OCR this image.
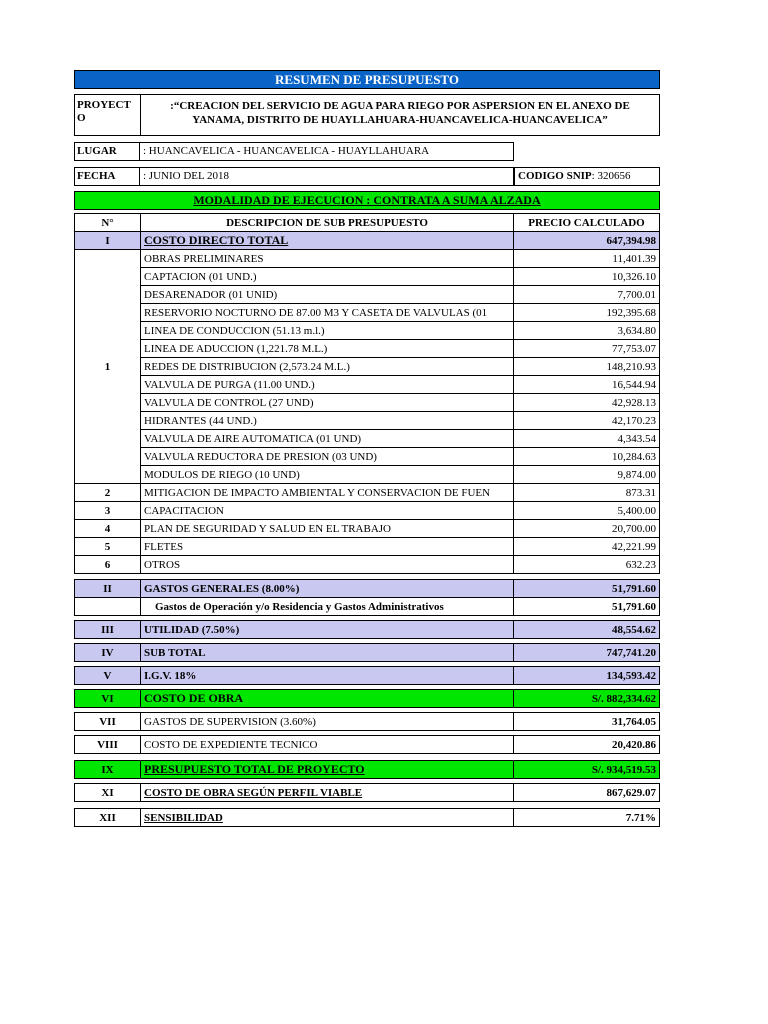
RESUMEN DE PRESUPUESTO
PROYECT O
:“CREACION DEL SERVICIO DE AGUA PARA RIEGO POR ASPERSION EN EL ANEXO DE YANAMA, DISTRITO DE HUAYLLAHUARA-HUANCAVELICA-HUANCAVELICA”
LUGAR	: HUANCAVELICA - HUANCAVELICA - HUAYLLAHUARA
FECHA	: JUNIO DEL 2018	CODIGO SNIP: 320656
MODALIDAD DE EJECUCION : CONTRATA A SUMA ALZADA
N°	DESCRIPCION DE SUB PRESUPUESTO	PRECIO CALCULADO
I	COSTO DIRECTO TOTAL	647,394.98
1	OBRAS PRELIMINARES	11,401.39
	CAPTACION (01 UND.)	10,326.10
	DESARENADOR (01 UNID)	7,700.01
	RESERVORIO NOCTURNO DE 87.00 M3 Y CASETA DE VALVULAS (01	192,395.68
	LINEA DE CONDUCCION (51.13 m.l.)	3,634.80
	LINEA DE ADUCCION (1,221.78 M.L.)	77,753.07
	REDES DE DISTRIBUCION (2,573.24 M.L.)	148,210.93
	VALVULA DE PURGA (11.00 UND.)	16,544.94
	VALVULA DE CONTROL (27 UND)	42,928.13
	HIDRANTES (44 UND.)	42,170.23
	VALVULA DE AIRE AUTOMATICA (01 UND)	4,343.54
	VALVULA REDUCTORA DE PRESION (03 UND)	10,284.63
	MODULOS DE RIEGO (10 UND)	9,874.00
2	MITIGACION DE IMPACTO AMBIENTAL Y CONSERVACION DE FUEN	873.31
3	CAPACITACION	5,400.00
4	PLAN DE SEGURIDAD Y SALUD EN EL TRABAJO	20,700.00
5	FLETES	42,221.99
6	OTROS	632.23
II	GASTOS GENERALES (8.00%)	51,791.60
	Gastos de Operación y/o Residencia y Gastos Administrativos	51,791.60

III	UTILIDAD (7.50%)	48,554.62

IV	SUB TOTAL	747,741.20

V	I.G.V. 18%	134,593.42

VI	COSTO DE OBRA	S/. 882,334.62

VII	GASTOS DE SUPERVISION (3.60%)	31,764.05

VIII	COSTO DE EXPEDIENTE TECNICO	20,420.86

IX	PRESUPUESTO TOTAL DE PROYECTO	S/. 934,519.53

XI	COSTO DE OBRA SEGÚN PERFIL VIABLE	867,629.07

XII	SENSIBILIDAD	7.71%
